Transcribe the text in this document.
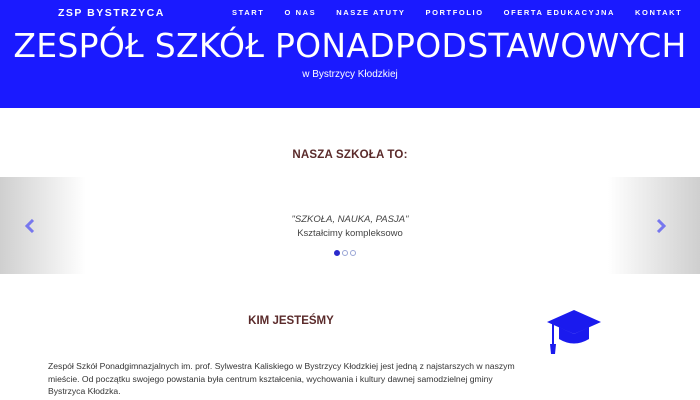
ZSP BYSTRZYCA	START	O NAS	NASZE ATUTY	PORTFOLIO	OFERTA EDUKACYJNA	KONTAKT
ZESPÓŁ SZKÓŁ PONADPODSTAWOWYCH
w Bystrzycy Kłodzkiej
NASZA SZKOŁA TO:
"SZKOŁA, NAUKA, PASJA"
Kształcimy kompleksowo
KIM JESTEŚMY

Zespół Szkół Ponadgimnazjalnych im. prof. Sylwestra Kaliskiego w Bystrzycy Kłodzkiej jest jedną z najstarszych w naszym mieście. Od początku swojego powstania była centrum kształcenia, wychowania i kultury dawnej samodzielnej gminy Bystrzyca Kłodzka.
